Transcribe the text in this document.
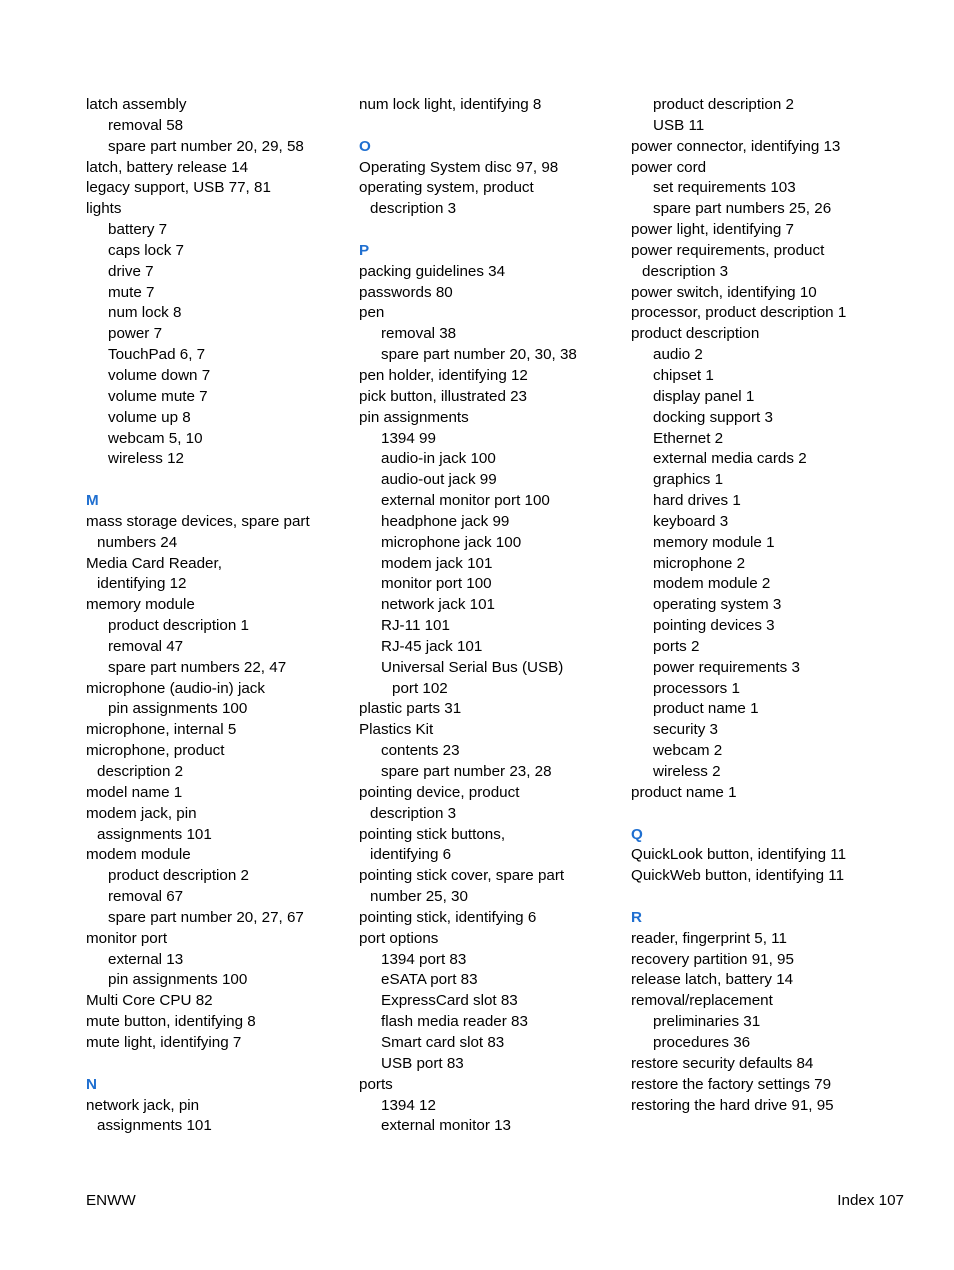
latch assembly
removal 58
spare part number 20, 29, 58
latch, battery release 14
legacy support, USB 77, 81
lights
battery 7
caps lock 7
drive 7
mute 7
num lock 8
power 7
TouchPad 6, 7
volume down 7
volume mute 7
volume up 8
webcam 5, 10
wireless 12
M
mass storage devices, spare part
numbers 24
Media Card Reader,
identifying 12
memory module
product description 1
removal 47
spare part numbers 22, 47
microphone (audio-in) jack
pin assignments 100
microphone, internal 5
microphone, product
description 2
model name 1
modem jack, pin
assignments 101
modem module
product description 2
removal 67
spare part number 20, 27, 67
monitor port
external 13
pin assignments 100
Multi Core CPU 82
mute button, identifying 8
mute light, identifying 7
N
network jack, pin
assignments 101
num lock light, identifying 8
O
Operating System disc 97, 98
operating system, product
description 3
P
packing guidelines 34
passwords 80
pen
removal 38
spare part number 20, 30, 38
pen holder, identifying 12
pick button, illustrated 23
pin assignments
1394 99
audio-in jack 100
audio-out jack 99
external monitor port 100
headphone jack 99
microphone jack 100
modem jack 101
monitor port 100
network jack 101
RJ-11 101
RJ-45 jack 101
Universal Serial Bus (USB)
port 102
plastic parts 31
Plastics Kit
contents 23
spare part number 23, 28
pointing device, product
description 3
pointing stick buttons,
identifying 6
pointing stick cover, spare part
number 25, 30
pointing stick, identifying 6
port options
1394 port 83
eSATA port 83
ExpressCard slot 83
flash media reader 83
Smart card slot 83
USB port 83
ports
1394 12
external monitor 13
product description 2
USB 11
power connector, identifying 13
power cord
set requirements 103
spare part numbers 25, 26
power light, identifying 7
power requirements, product
description 3
power switch, identifying 10
processor, product description 1
product description
audio 2
chipset 1
display panel 1
docking support 3
Ethernet 2
external media cards 2
graphics 1
hard drives 1
keyboard 3
memory module 1
microphone 2
modem module 2
operating system 3
pointing devices 3
ports 2
power requirements 3
processors 1
product name 1
security 3
webcam 2
wireless 2
product name 1
Q
QuickLook button, identifying 11
QuickWeb button, identifying 11
R
reader, fingerprint 5, 11
recovery partition 91, 95
release latch, battery 14
removal/replacement
preliminaries 31
procedures 36
restore security defaults 84
restore the factory settings 79
restoring the hard drive 91, 95
ENWW	Index 107
